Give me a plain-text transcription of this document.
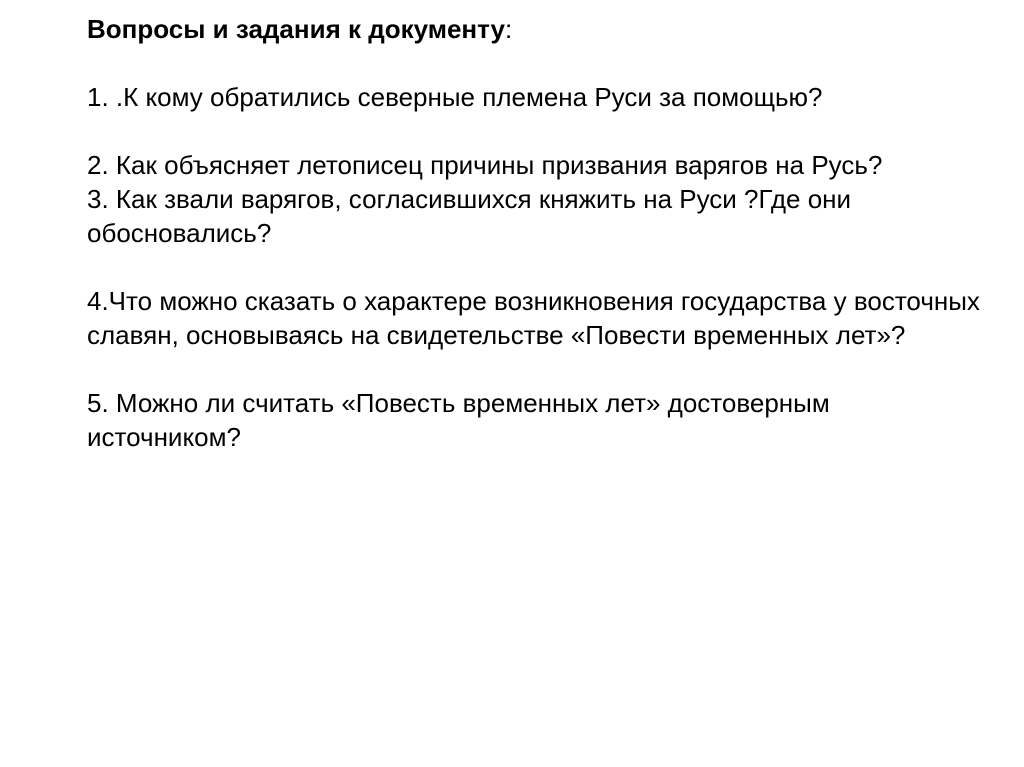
Вопросы и задания к документу:

1. .К кому обратились северные племена Руси за помощью?

2. Как объясняет летописец причины призвания варягов на Русь?

3. Как звали варягов, согласившихся княжить на Руси ?Где они обосновались?

4.Что можно сказать о характере возникновения государства у восточных славян, основываясь на свидетельстве «Повести временных лет»?

5. Можно ли считать «Повесть временных лет» достоверным источником?
